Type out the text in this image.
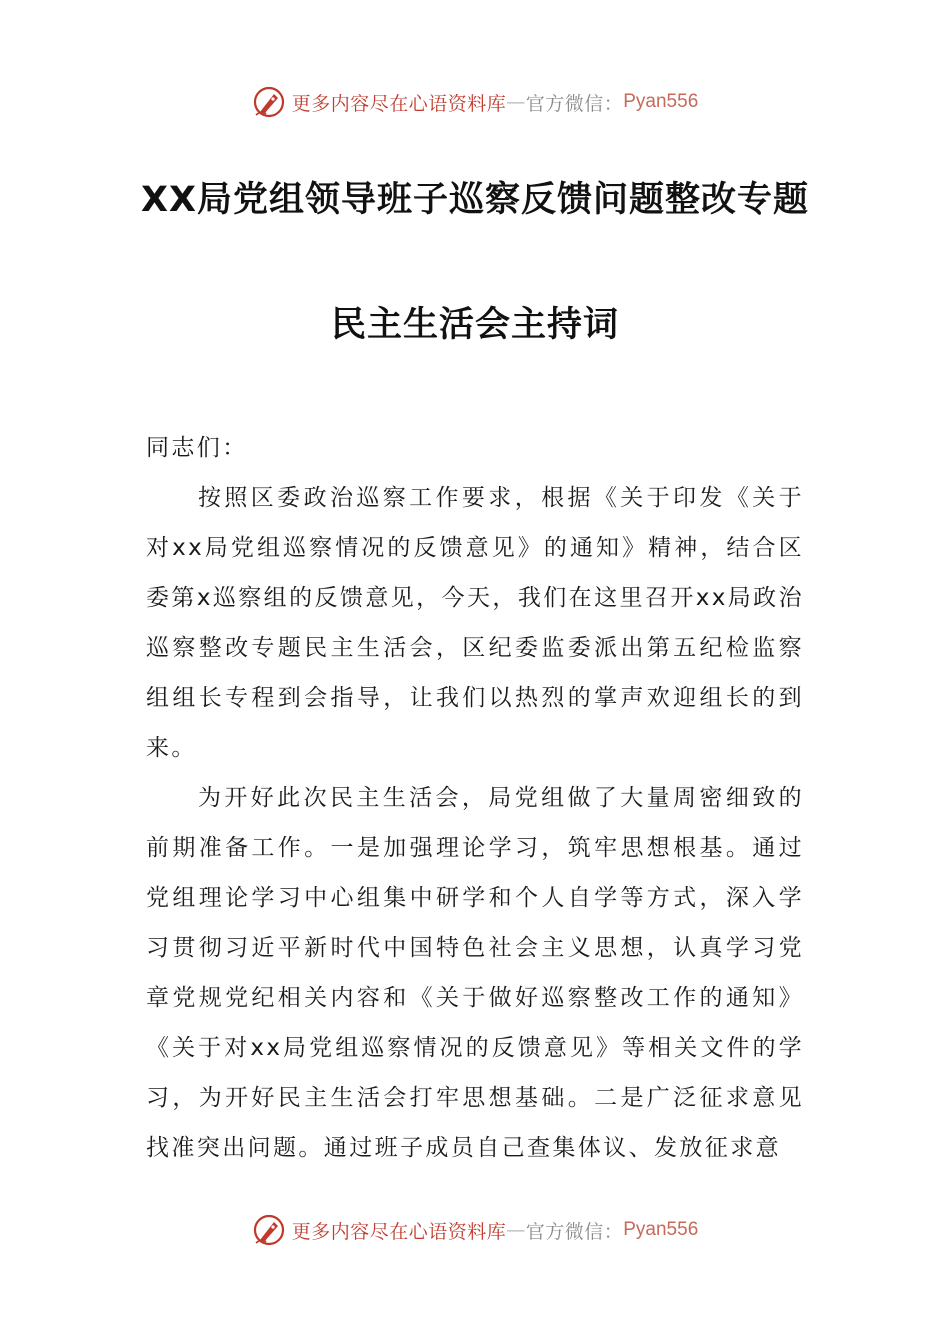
更多内容尽在心语资料库 — 官方微信： Pyan556
XX局党组领导班子巡察反馈问题整改专题
民主生活会主持词

同志们：

按照区委政治巡察工作要求，根据《关于印发《关于对xx局党组巡察情况的反馈意见》的通知》精神，结合区委第x巡察组的反馈意见，今天，我们在这里召开xx局政治巡察整改专题民主生活会，区纪委监委派出第五纪检监察组组长专程到会指导，让我们以热烈的掌声欢迎组长的到来。

为开好此次民主生活会，局党组做了大量周密细致的前期准备工作。一是加强理论学习，筑牢思想根基。通过党组理论学习中心组集中研学和个人自学等方式，深入学习贯彻习近平新时代中国特色社会主义思想，认真学习党章党规党纪相关内容和《关于做好巡察整改工作的通知》《关于对xx局党组巡察情况的反馈意见》等相关文件的学习，为开好民主生活会打牢思想基础。二是广泛征求意见找准突出问题。通过班子成员自己查集体议、发放征求意

更多内容尽在心语资料库 — 官方微信： Pyan556
